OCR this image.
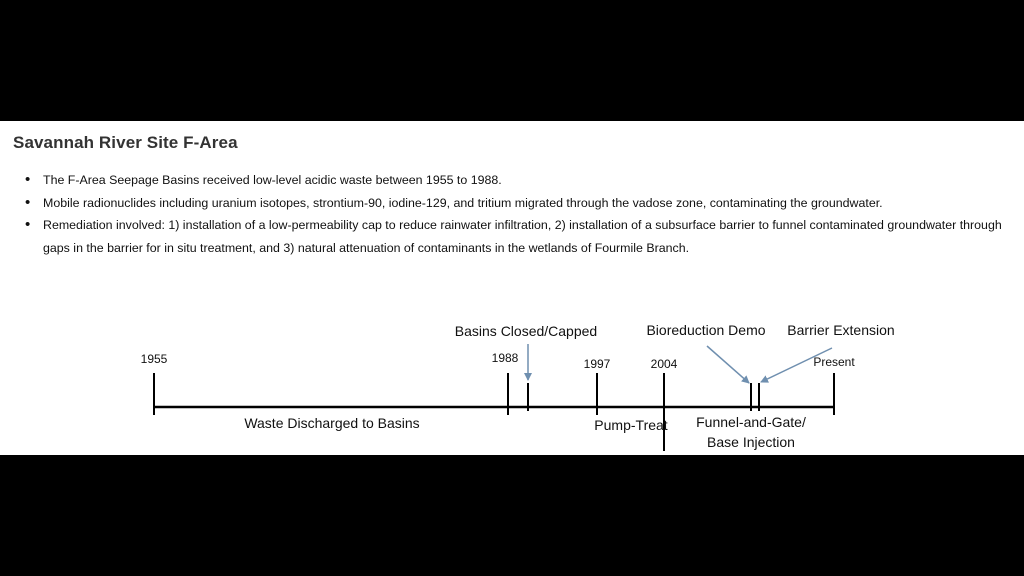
Savannah River Site F-Area
• The F-Area Seepage Basins received low-level acidic waste between 1955 to 1988.
• Mobile radionuclides including uranium isotopes, strontium-90, iodine-129, and tritium migrated through the vadose zone, contaminating the groundwater.
• Remediation involved: 1) installation of a low-permeability cap to reduce rainwater infiltration, 2) installation of a subsurface barrier to funnel contaminated groundwater through gaps in the barrier for in situ treatment, and 3) natural attenuation of contaminants in the wetlands of Fourmile Branch.
1955	1988	1997	2004	Present
Basins Closed/Capped	Bioreduction Demo Barrier Extension
Waste Discharged to Basins	Pump-Treat Funnel-and-Gate/
Base Injection
